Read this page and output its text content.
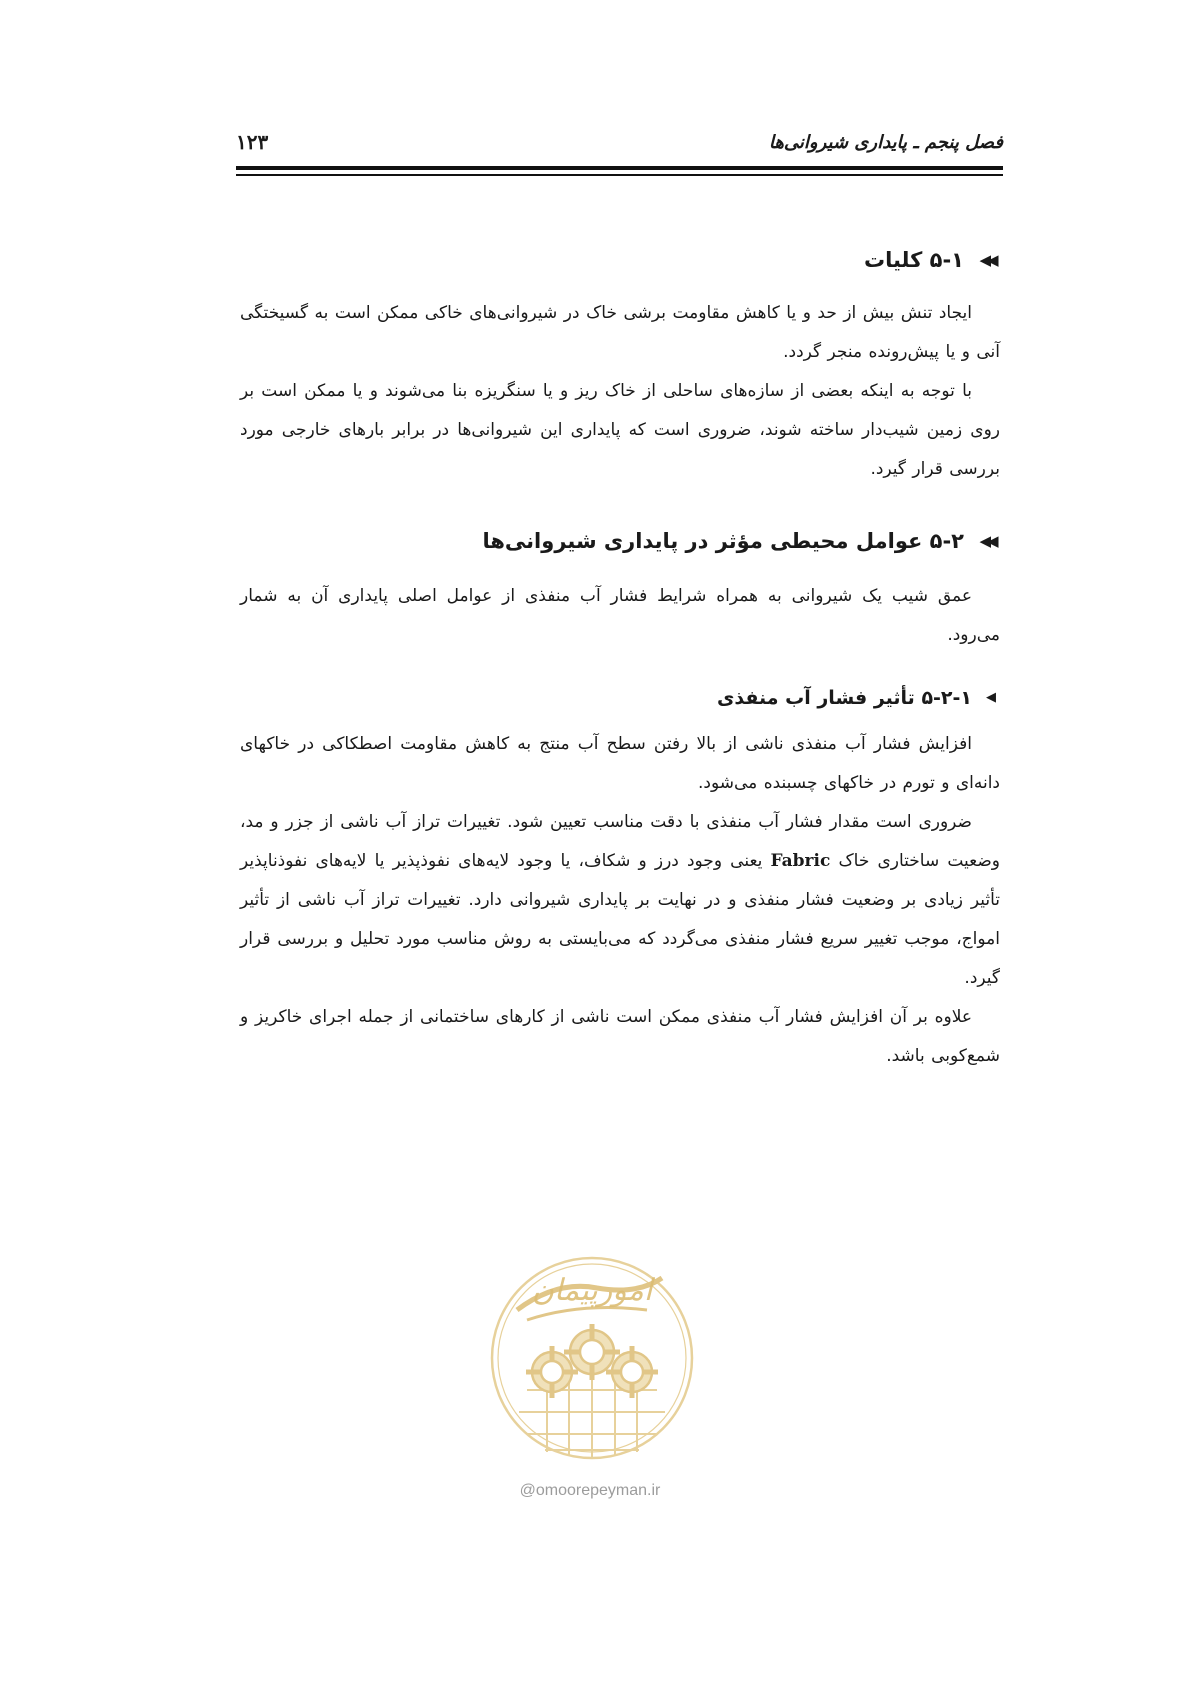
فصل پنجم ـ پایداری شیروانی‌ها
۱۲۳
◀◀
۵-۱ کلیات

ایجاد تنش بیش از حد و یا کاهش مقاومت برشی خاک در شیروانی‌های خاکی ممکن است به گسیختگی آنی و یا پیش‌رونده منجر گردد.

با توجه به اینکه بعضی از سازه‌های ساحلی از خاک ریز و یا سنگریزه بنا می‌شوند و یا ممکن است بر روی زمین شیب‌دار ساخته شوند، ضروری است که پایداری این شیروانی‌ها در برابر بارهای خارجی مورد بررسی قرار گیرد.

◀◀
۵-۲ عوامل محیطی مؤثر در پایداری شیروانی‌ها

عمق شیب یک شیروانی به همراه شرایط فشار آب منفذی از عوامل اصلی پایداری آن به شمار می‌رود.

◀
۵-۲-۱ تأثیر فشار آب منفذی

افزایش فشار آب منفذی ناشی از بالا رفتن سطح آب منتج به کاهش مقاومت اصطکاکی در خاکهای دانه‌ای و تورم در خاکهای چسبنده می‌شود.

ضروری است مقدار فشار آب منفذی با دقت مناسب تعیین شود. تغییرات تراز آب ناشی از جزر و مد، وضعیت ساختاری خاک Fabric یعنی وجود درز و شکاف، یا وجود لایه‌های نفوذپذیر یا لایه‌های نفوذناپذیر تأثیر زیادی بر وضعیت فشار منفذی و در نهایت بر پایداری شیروانی دارد. تغییرات تراز آب ناشی از تأثیر امواج، موجب تغییر سریع فشار منفذی می‌گردد که می‌بایستی به روش مناسب مورد تحلیل و بررسی قرار گیرد.

علاوه بر آن افزایش فشار آب منفذی ممکن است ناشی از کارهای ساختمانی از جمله اجرای خاکریز و شمع‌کوبی باشد.

امورپیمان
@omoorepeyman.ir
